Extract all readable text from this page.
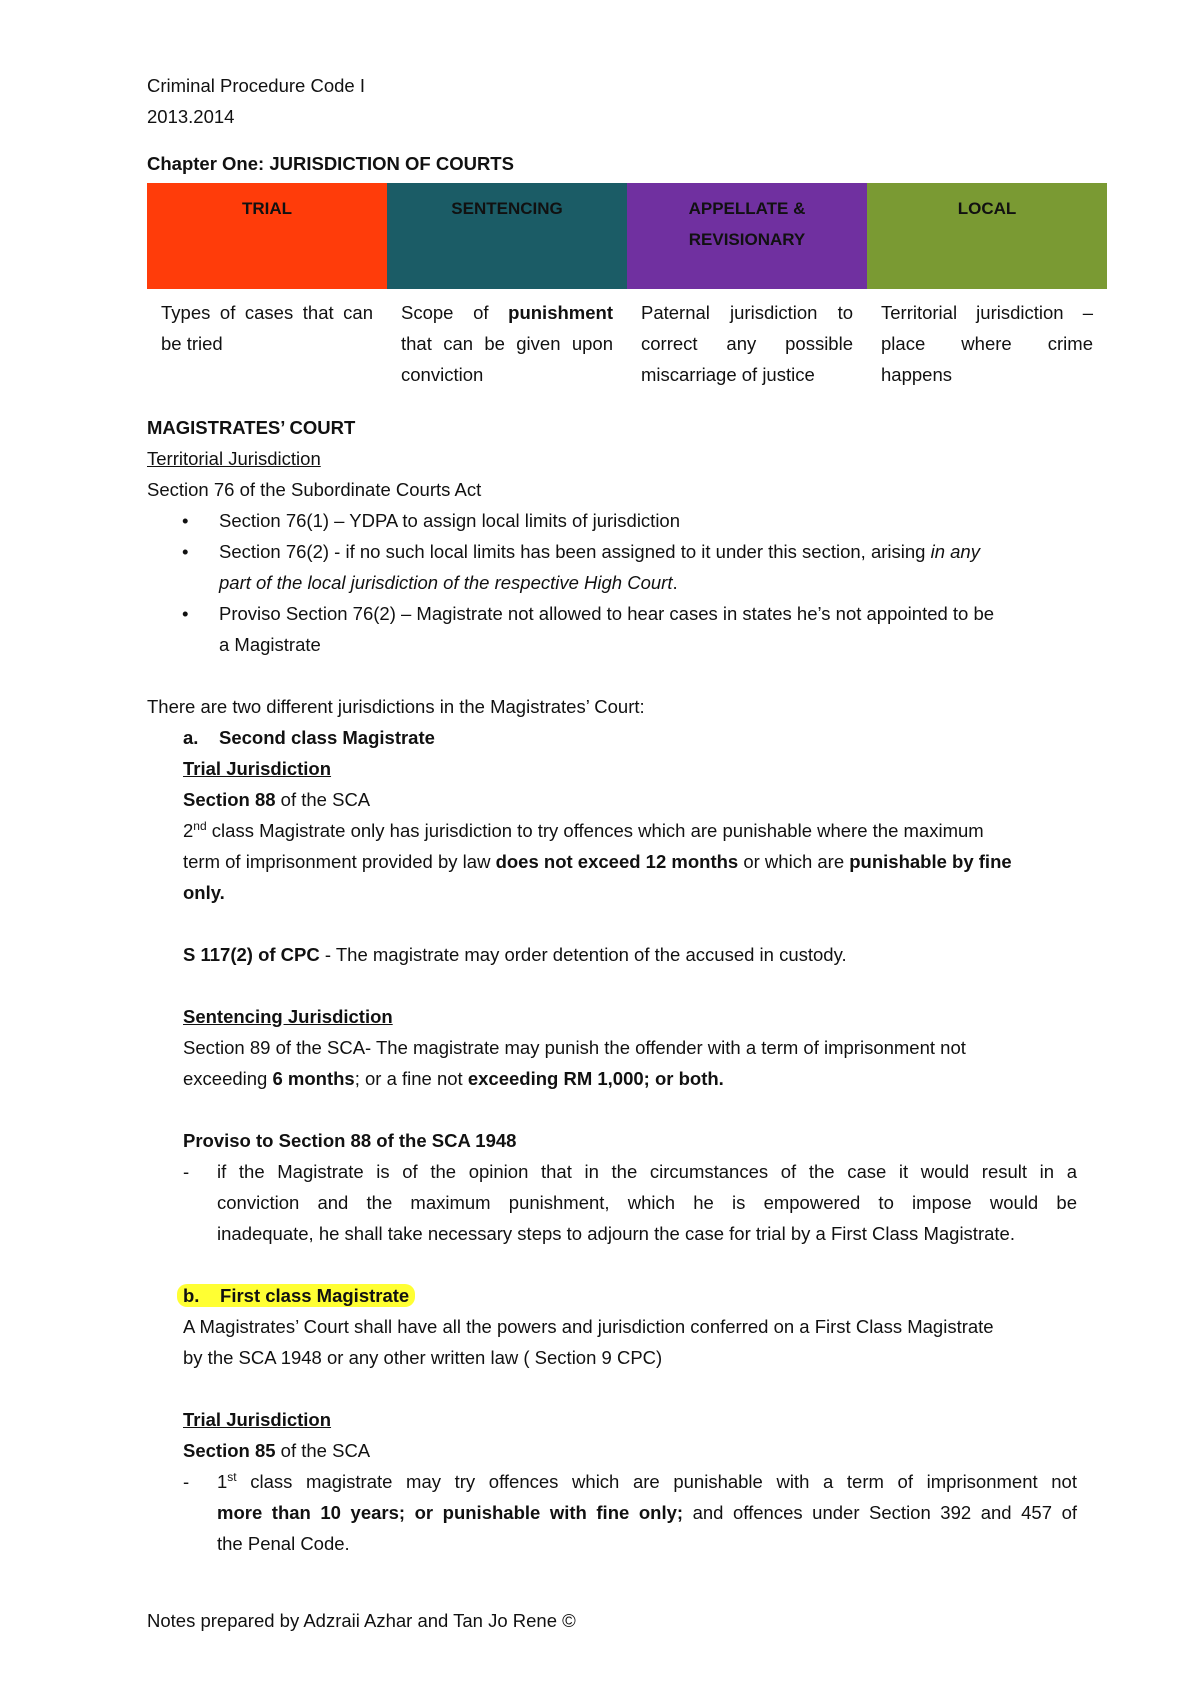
Criminal Procedure Code I
2013.2014
Chapter One: JURISDICTION OF COURTS
TRIAL	SENTENCING	APPELLATE & REVISIONARY	LOCAL
Types of cases that can be tried	Scope of punishment that can be given upon conviction	Paternal jurisdiction to correct any possible miscarriage of justice	Territorial jurisdiction – place where crime happens
MAGISTRATES’ COURT
Territorial Jurisdiction
Section 76 of the Subordinate Courts Act
• Section 76(1) – YDPA to assign local limits of jurisdiction
• Section 76(2) - if no such local limits has been assigned to it under this section, arising in any
part of the local jurisdiction of the respective High Court.
• Proviso Section 76(2) – Magistrate not allowed to hear cases in states he’s not appointed to be
a Magistrate
There are two different jurisdictions in the Magistrates’ Court:
a. Second class Magistrate
Trial Jurisdiction
Section 88 of the SCA
2nd class Magistrate only has jurisdiction to try offences which are punishable where the maximum
term of imprisonment provided by law does not exceed 12 months or which are punishable by fine
only.
S 117(2) of CPC - The magistrate may order detention of the accused in custody.
Sentencing Jurisdiction
Section 89 of the SCA- The magistrate may punish the offender with a term of imprisonment not
exceeding 6 months; or a fine not exceeding RM 1,000; or both.
Proviso to Section 88 of the SCA 1948
- if the Magistrate is of the opinion that in the circumstances of the case it would result in a
conviction and the maximum punishment, which he is empowered to impose would be
inadequate, he shall take necessary steps to adjourn the case for trial by a First Class Magistrate.
b. First class Magistrate
A Magistrates’ Court shall have all the powers and jurisdiction conferred on a First Class Magistrate
by the SCA 1948 or any other written law ( Section 9 CPC)
Trial Jurisdiction
Section 85 of the SCA
- 1st class magistrate may try offences which are punishable with a term of imprisonment not
more than 10 years; or punishable with fine only; and offences under Section 392 and 457 of
the Penal Code.
Notes prepared by Adzraii Azhar and Tan Jo Rene ©
